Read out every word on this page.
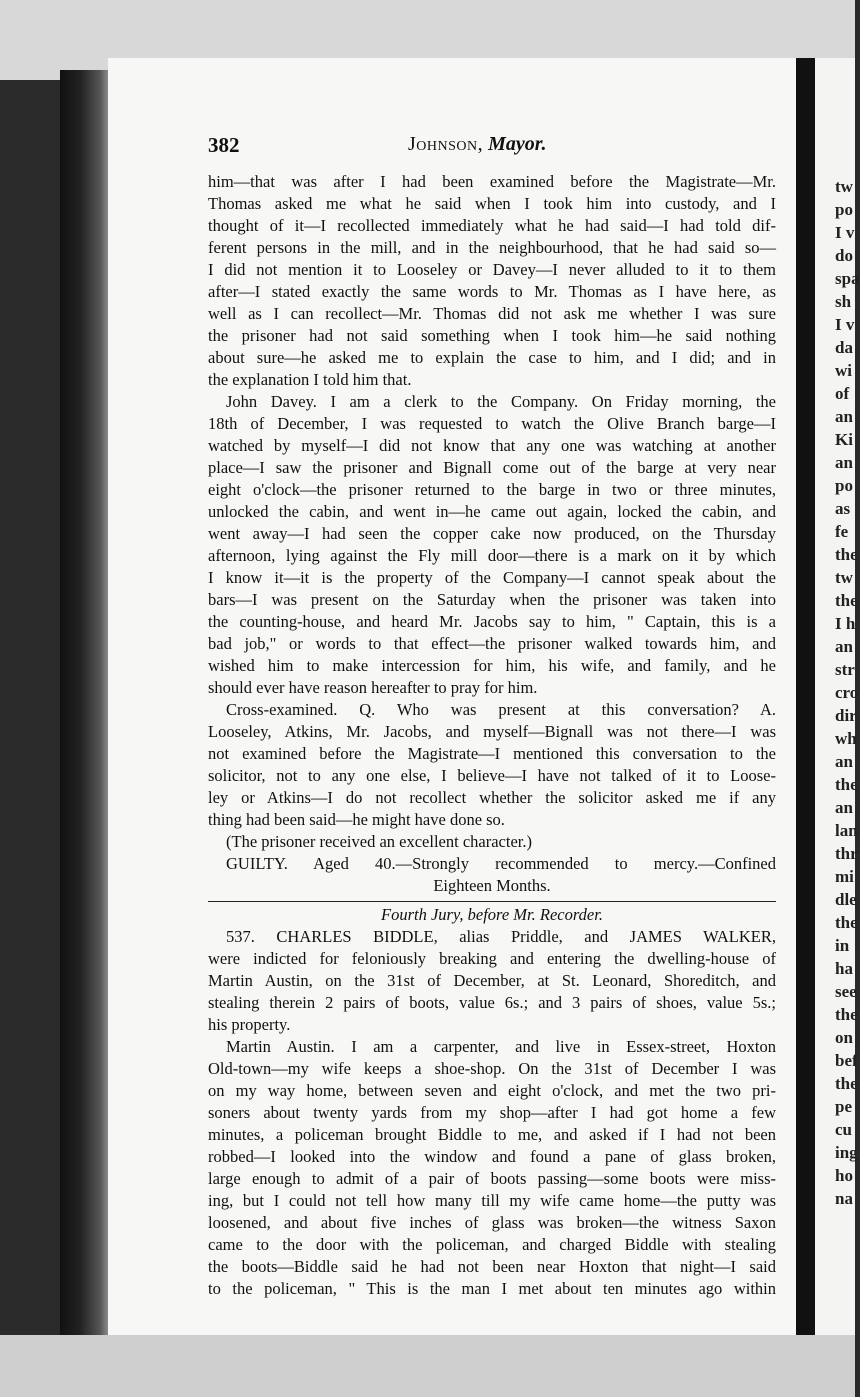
382	Johnson, Mayor.
him—that was after I had been examined before the Magistrate—Mr.
Thomas asked me what he said when I took him into custody, and I
thought of it—I recollected immediately what he had said—I had told dif-
ferent persons in the mill, and in the neighbourhood, that he had said so—
I did not mention it to Looseley or Davey—I never alluded to it to them
after—I stated exactly the same words to Mr. Thomas as I have here, as
well as I can recollect—Mr. Thomas did not ask me whether I was sure
the prisoner had not said something when I took him—he said nothing
about sure—he asked me to explain the case to him, and I did; and in
the explanation I told him that.
John Davey. I am a clerk to the Company. On Friday morning, the
18th of December, I was requested to watch the Olive Branch barge—I
watched by myself—I did not know that any one was watching at another
place—I saw the prisoner and Bignall come out of the barge at very near
eight o'clock—the prisoner returned to the barge in two or three minutes,
unlocked the cabin, and went in—he came out again, locked the cabin, and
went away—I had seen the copper cake now produced, on the Thursday
afternoon, lying against the Fly mill door—there is a mark on it by which
I know it—it is the property of the Company—I cannot speak about the
bars—I was present on the Saturday when the prisoner was taken into
the counting-house, and heard Mr. Jacobs say to him, " Captain, this is a
bad job," or words to that effect—the prisoner walked towards him, and
wished him to make intercession for him, his wife, and family, and he
should ever have reason hereafter to pray for him.
Cross-examined. Q. Who was present at this conversation? A.
Looseley, Atkins, Mr. Jacobs, and myself—Bignall was not there—I was
not examined before the Magistrate—I mentioned this conversation to the
solicitor, not to any one else, I believe—I have not talked of it to Loose-
ley or Atkins—I do not recollect whether the solicitor asked me if any
thing had been said—he might have done so.
(The prisoner received an excellent character.)
GUILTY. Aged 40.—Strongly recommended to mercy.—Confined
Eighteen Months.
Fourth Jury, before Mr. Recorder.
537. CHARLES BIDDLE, alias Priddle, and JAMES WALKER,
were indicted for feloniously breaking and entering the dwelling-house of
Martin Austin, on the 31st of December, at St. Leonard, Shoreditch, and
stealing therein 2 pairs of boots, value 6s.; and 3 pairs of shoes, value 5s.;
his property.
Martin Austin. I am a carpenter, and live in Essex-street, Hoxton
Old-town—my wife keeps a shoe-shop. On the 31st of December I was
on my way home, between seven and eight o'clock, and met the two pri-
soners about twenty yards from my shop—after I had got home a few
minutes, a policeman brought Biddle to me, and asked if I had not been
robbed—I looked into the window and found a pane of glass broken,
large enough to admit of a pair of boots passing—some boots were miss-
ing, but I could not tell how many till my wife came home—the putty was
loosened, and about five inches of glass was broken—the witness Saxon
came to the door with the policeman, and charged Biddle with stealing
the boots—Biddle said he had not been near Hoxton that night—I said
to the policeman, " This is the man I met about ten minutes ago within
tw
po
I v
do
spa
sh
I v
da
wi
of
an
Ki
an
po
as
fe
the
tw
the
I h
an
str
cro
dir
wh
an
the
an
lan
thr
mi
dle
the
in
ha
see
the
on
bef
the
pe
cu
ing
ho
na
